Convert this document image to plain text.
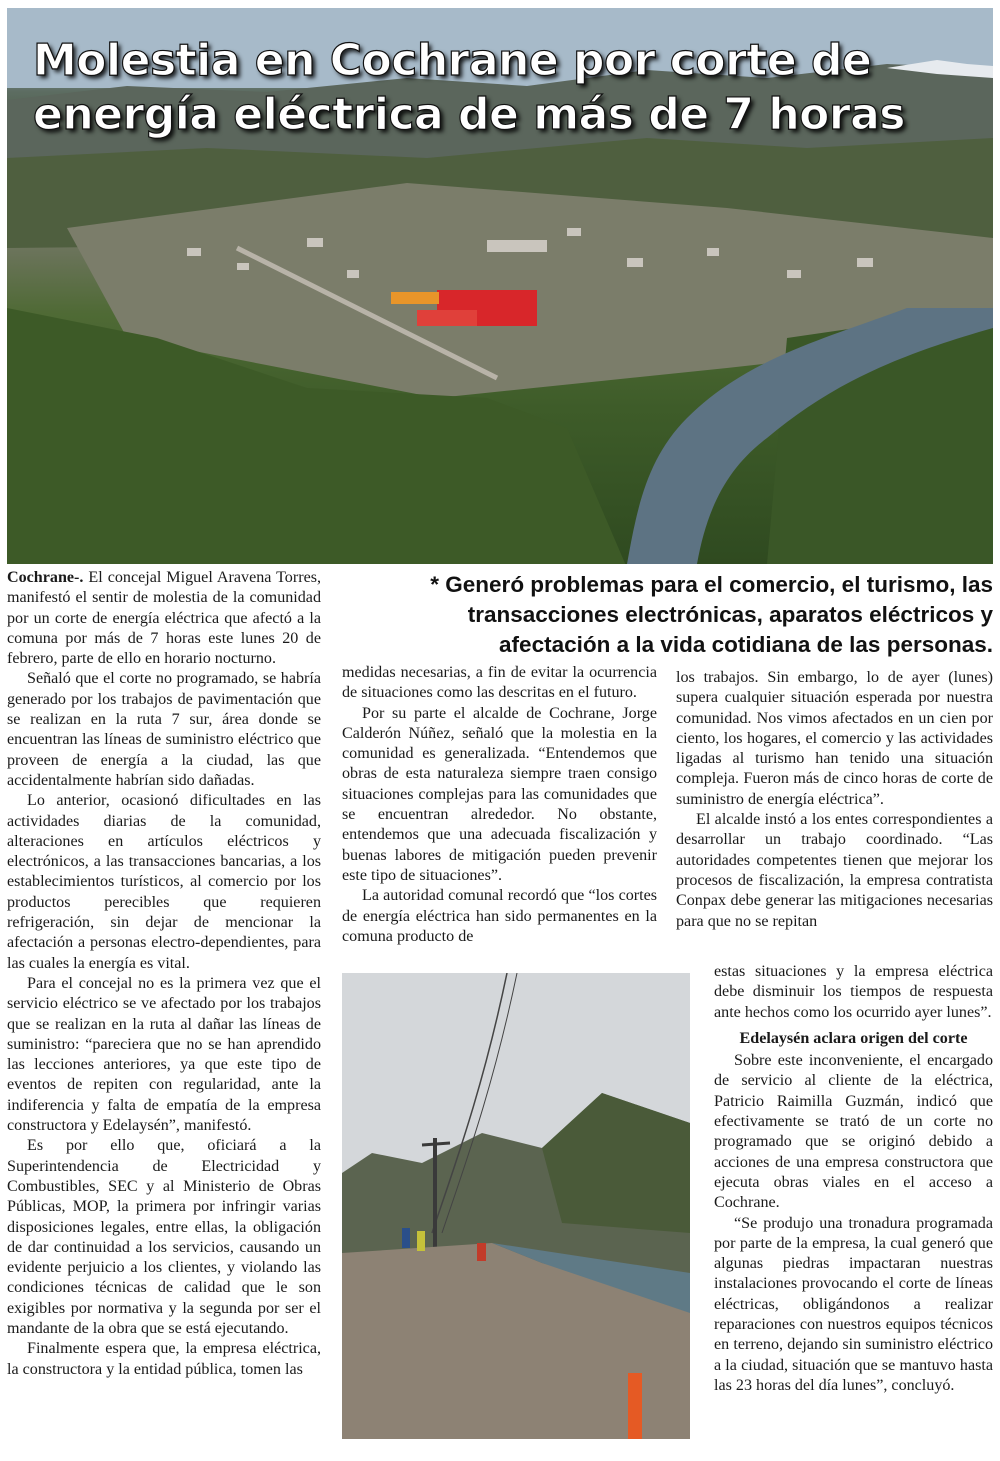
Molestia en Cochrane por corte de
energía eléctrica de más de 7 horas

* Generó problemas para el comercio, el turismo, las transacciones electrónicas, aparatos eléctricos y afectación a la vida cotidiana de las personas.

Cochrane-. El concejal Miguel Aravena Torres, manifestó el sentir de molestia de la comunidad por un corte de energía eléctrica que afectó a la comuna por más de 7 horas este lunes 20 de febrero, parte de ello en horario nocturno.

Señaló que el corte no programado, se habría generado por los trabajos de pavimentación que se realizan en la ruta 7 sur, área donde se encuentran las líneas de suministro eléctrico que proveen de energía a la ciudad, las que accidentalmente habrían sido dañadas.

Lo anterior, ocasionó dificultades en las actividades diarias de la comunidad, alteraciones en artículos eléctricos y electrónicos, a las transacciones bancarias, a los establecimientos turísticos, al comercio por los productos perecibles que requieren refrigeración, sin dejar de mencionar la afectación a personas electro-dependientes, para las cuales la energía es vital.

Para el concejal no es la primera vez que el servicio eléctrico se ve afectado por los trabajos que se realizan en la ruta al dañar las líneas de suministro: “pareciera que no se han aprendido las lecciones anteriores, ya que este tipo de eventos de repiten con regularidad, ante la indiferencia y falta de empatía de la empresa constructora y Edelaysén”, manifestó.

Es por ello que, oficiará a la Superintendencia de Electricidad y Combustibles, SEC y al Ministerio de Obras Públicas, MOP, la primera por infringir varias disposiciones legales, entre ellas, la obligación de dar continuidad a los servicios, causando un evidente perjuicio a los clientes, y violando las condiciones técnicas de calidad que le son exigibles por normativa y la segunda por ser el mandante de la obra que se está ejecutando.

Finalmente espera que, la empresa eléctrica, la constructora y la entidad pública, tomen las

medidas necesarias, a fin de evitar la ocurrencia de situaciones como las descritas en el futuro.

Por su parte el alcalde de Cochrane, Jorge Calderón Núñez, señaló que la molestia en la comunidad es generalizada. “Entendemos que obras de esta naturaleza siempre traen consigo situaciones complejas para las comunidades que se encuentran alrededor. No obstante, entendemos que una adecuada fiscalización y buenas labores de mitigación pueden prevenir este tipo de situaciones”.

La autoridad comunal recordó que “los cortes de energía eléctrica han sido permanentes en la comuna producto de

los trabajos. Sin embargo, lo de ayer (lunes) supera cualquier situación esperada por nuestra comunidad. Nos vimos afectados en un cien por ciento, los hogares, el comercio y las actividades ligadas al turismo han tenido una situación compleja. Fueron más de cinco horas de corte de suministro de energía eléctrica”.

El alcalde instó a los entes correspondientes a desarrollar un trabajo coordinado. “Las autoridades competentes tienen que mejorar los procesos de fiscalización, la empresa contratista Conpax debe generar las mitigaciones necesarias para que no se repitan

estas situaciones y la empresa eléctrica debe disminuir los tiempos de respuesta ante hechos como los ocurrido ayer lunes”.

Edelaysén aclara origen del corte

Sobre este inconveniente, el encargado de servicio al cliente de la eléctrica, Patricio Raimilla Guzmán, indicó que efectivamente se trató de un corte no programado que se originó debido a acciones de una empresa constructora que ejecuta obras viales en el acceso a Cochrane.

“Se produjo una tronadura programada por parte de la empresa, la cual generó que algunas piedras impactaran nuestras instalaciones provocando el corte de líneas eléctricas, obligándonos a realizar reparaciones con nuestros equipos técnicos en terreno, dejando sin suministro eléctrico a la ciudad, situación que se mantuvo hasta las 23 horas del día lunes”, concluyó.
